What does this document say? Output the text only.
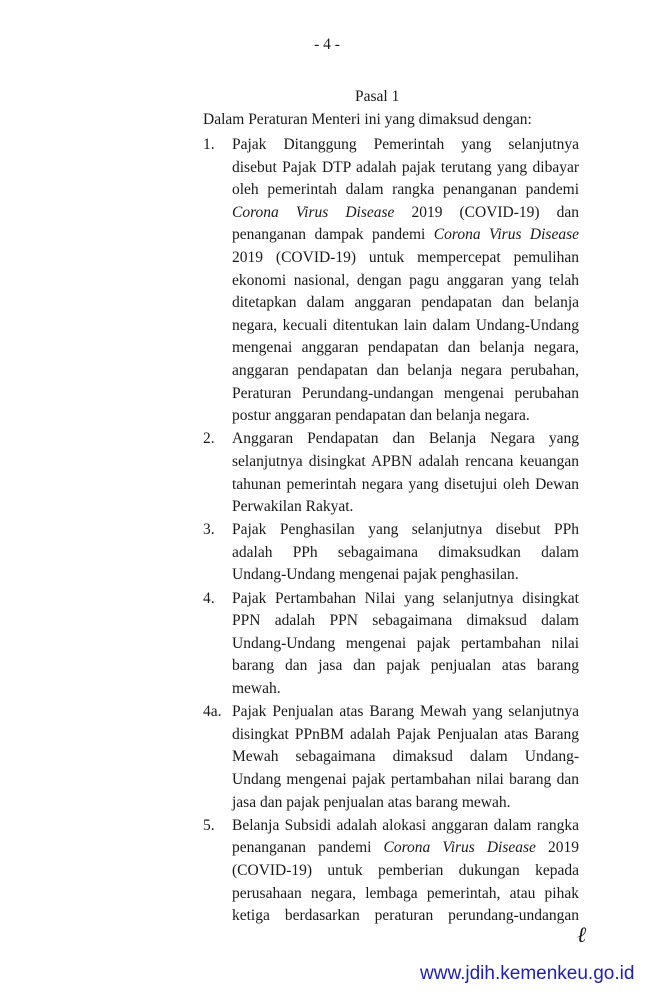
- 4 -
Pasal 1
Dalam Peraturan Menteri ini yang dimaksud dengan:
1. Pajak Ditanggung Pemerintah yang selanjutnya
disebut Pajak DTP adalah pajak terutang yang dibayar
oleh pemerintah dalam rangka penanganan pandemi
Corona Virus Disease 2019 (COVID-19) dan
penanganan dampak pandemi Corona Virus Disease
2019 (COVID-19) untuk mempercepat pemulihan
ekonomi nasional, dengan pagu anggaran yang telah
ditetapkan dalam anggaran pendapatan dan belanja
negara, kecuali ditentukan lain dalam Undang-Undang
mengenai anggaran pendapatan dan belanja negara,
anggaran pendapatan dan belanja negara perubahan,
Peraturan Perundang-undangan mengenai perubahan
postur anggaran pendapatan dan belanja negara.
2. Anggaran Pendapatan dan Belanja Negara yang
selanjutnya disingkat APBN adalah rencana keuangan
tahunan pemerintah negara yang disetujui oleh Dewan
Perwakilan Rakyat.
3. Pajak Penghasilan yang selanjutnya disebut PPh
adalah PPh sebagaimana dimaksudkan dalam
Undang-Undang mengenai pajak penghasilan.
4. Pajak Pertambahan Nilai yang selanjutnya disingkat
PPN adalah PPN sebagaimana dimaksud dalam
Undang-Undang mengenai pajak pertambahan nilai
barang dan jasa dan pajak penjualan atas barang
mewah.
4a. Pajak Penjualan atas Barang Mewah yang selanjutnya
disingkat PPnBM adalah Pajak Penjualan atas Barang
Mewah sebagaimana dimaksud dalam Undang-
Undang mengenai pajak pertambahan nilai barang dan
jasa dan pajak penjualan atas barang mewah.
5. Belanja Subsidi adalah alokasi anggaran dalam rangka
penanganan pandemi Corona Virus Disease 2019
(COVID-19) untuk pemberian dukungan kepada
perusahaan negara, lembaga pemerintah, atau pihak
ketiga berdasarkan peraturan perundang-undangan
ℓ
www.jdih.kemenkeu.go.id
